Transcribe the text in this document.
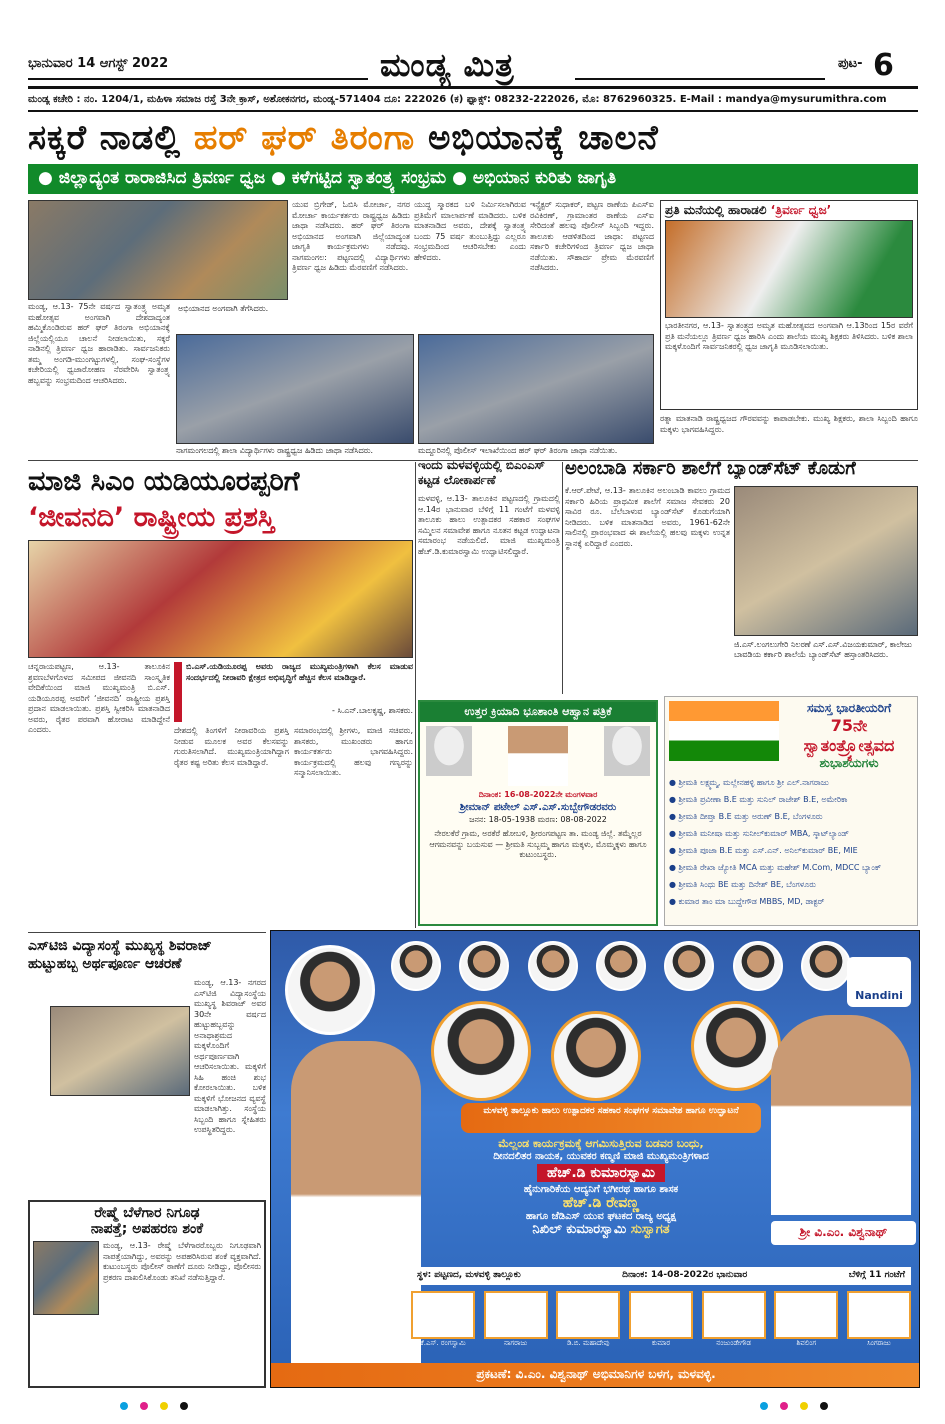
ಭಾನುವಾರ 14 ಆಗಸ್ಟ್ 2022	ಮಂಡ್ಯ ಮಿತ್ರ	ಪುಟ- 6
ಮಂಡ್ಯ ಕಚೇರಿ : ನಂ. 1204/1, ಮಹಿಳಾ ಸಮಾಜ ರಸ್ತೆ 3ನೇ ಕ್ರಾಸ್, ಅಶೋಕನಗರ, ಮಂಡ್ಯ-571404 ದೂ: 222026 (ಕ) ಫ್ಯಾಕ್ಸ್: 08232-222026, ಮೊ: 8762960325. E-Mail : mandya@mysurumithra.com
ಸಕ್ಕರೆ ನಾಡಲ್ಲಿ ಹರ್ ಘರ್ ತಿರಂಗಾ ಅಭಿಯಾನಕ್ಕೆ ಚಾಲನೆ
● ಜಿಲ್ಲಾದ್ಯಂತ ರಾರಾಜಿಸಿದ ತ್ರಿವರ್ಣ ಧ್ವಜ ● ಕಳೆಗಟ್ಟಿದ ಸ್ವಾತಂತ್ರ್ಯ ಸಂಭ್ರಮ ● ಅಭಿಯಾನ ಕುರಿತು ಜಾಗೃತಿ
ಮಂಡ್ಯ, ಆ.13- 75ನೇ ವರ್ಷದ ಸ್ವಾತಂತ್ರ್ಯ ಅಮೃತ ಮಹೋತ್ಸವ ಅಂಗವಾಗಿ ದೇಶದಾದ್ಯಂತ ಹಮ್ಮಿಕೊಂಡಿರುವ ಹರ್ ಘರ್ ತಿರಂಗಾ ಅಭಿಯಾನಕ್ಕೆ ಜಿಲ್ಲೆಯಲ್ಲಿಯೂ ಚಾಲನೆ ನೀಡಲಾಯಿತು, ಸಕ್ಕರೆ ನಾಡಿನಲ್ಲಿ ತ್ರಿವರ್ಣ ಧ್ವಜ ಹಾರಾಡಿತು. ಸಾರ್ವಜನಿಕರು ತಮ್ಮ ಅಂಗಡಿ-ಮುಂಗಟ್ಟುಗಳಲ್ಲಿ, ಸಂಘ-ಸಂಸ್ಥೆಗಳ ಕಚೇರಿಯಲ್ಲಿ ಧ್ವಜಾರೋಹಣ ನೆರವೇರಿಸಿ ಸ್ವಾತಂತ್ರ್ಯ ಹಬ್ಬವನ್ನು ಸಂಭ್ರಮದಿಂದ ಆಚರಿಸಿದರು.
ಅಭಿಯಾನದ ಅಂಗವಾಗಿ ತೆಗೆಸಿದರು.
ಯುವ ಬ್ರಿಗೇಡ್, ಓಬಿಸಿ ಮೋರ್ಚಾ, ನಗರ ಮೋರ್ಚಾ ಕಾರ್ಯಕರ್ತರು ರಾಷ್ಟ್ರಧ್ವಜ ಹಿಡಿದು ಜಾಥಾ ನಡೆಸಿದರು. ಹರ್ ಘರ್ ತಿರಂಗಾ ಅಭಿಯಾನದ ಅಂಗವಾಗಿ ಜಿಲ್ಲೆಯಾದ್ಯಂತ ಜಾಗೃತಿ ಕಾರ್ಯಕ್ರಮಗಳು ನಡೆದವು. ನಾಗಮಂಗಲ: ಪಟ್ಟಣದಲ್ಲಿ ವಿದ್ಯಾರ್ಥಿಗಳು ತ್ರಿವರ್ಣ ಧ್ವಜ ಹಿಡಿದು ಮೆರವಣಿಗೆ ನಡೆಸಿದರು.
ಯುದ್ಧ ಸ್ಮಾರಕದ ಬಳಿ ನಿರ್ಮಿಸಲಾಗಿರುವ ಪ್ರತಿಮೆಗೆ ಮಾಲಾರ್ಪಣೆ ಮಾಡಿದರು. ಬಳಿಕ ಮಾತನಾಡಿದ ಅವರು, ದೇಶಕ್ಕೆ ಸ್ವಾತಂತ್ರ್ಯ ಬಂದು 75 ವರ್ಷ ತುಂಬುತ್ತಿದ್ದು ಎಲ್ಲರೂ ಸಂಭ್ರಮದಿಂದ ಆಚರಿಸಬೇಕು ಎಂದು ಹೇಳಿದರು.
ಇನ್ಸ್ಪೆಕ್ಟರ್ ಸುಧಾಕರ್, ಪಟ್ಟಣ ಠಾಣೆಯ ಪಿಎಸ್‌ಐ ರವಿಕಿರಣ್, ಗ್ರಾಮಾಂತರ ಠಾಣೆಯ ಎಸ್‌ಐ ಸೇರಿದಂತೆ ಹಲವು ಪೊಲೀಸ್ ಸಿಬ್ಬಂದಿ ಇದ್ದರು. ತಾಲೂಕು ಆಡಳಿತದಿಂದ ಜಾಥಾ: ಪಟ್ಟಣದ ಸರ್ಕಾರಿ ಕಚೇರಿಗಳಿಂದ ತ್ರಿವರ್ಣ ಧ್ವಜ ಜಾಥಾ ನಡೆಯಿತು. ಸೌಹಾರ್ದ ಪ್ರೇಮ ಮೆರವಣಿಗೆ ನಡೆಸಿದರು.
ನಾಗಮಂಗಲದಲ್ಲಿ ಶಾಲಾ ವಿದ್ಯಾರ್ಥಿಗಳು ರಾಷ್ಟ್ರಧ್ವಜ ಹಿಡಿದು ಜಾಥಾ ನಡೆಸಿದರು.	ಮದ್ದೂರಿನಲ್ಲಿ ಪೊಲೀಸ್ ಇಲಾಖೆಯಿಂದ ಹರ್ ಘರ್ ತಿರಂಗಾ ಜಾಥಾ ನಡೆಯಿತು.
ಪ್ರತಿ ಮನೆಯಲ್ಲಿ ಹಾರಾಡಲಿ ‘ತ್ರಿವರ್ಣ ಧ್ವಜ’
ಭಾರತೀನಗರ, ಆ.13- ಸ್ವಾತಂತ್ರ್ಯದ ಅಮೃತ ಮಹೋತ್ಸವದ ಅಂಗವಾಗಿ ಆ.13ರಿಂದ 15ರ ವರೆಗೆ ಪ್ರತಿ ಮನೆಯಲ್ಲೂ ತ್ರಿವರ್ಣ ಧ್ವಜ ಹಾರಿಸಿ ಎಂದು ಶಾಲೆಯ ಮುಖ್ಯ ಶಿಕ್ಷಕರು ತಿಳಿಸಿದರು. ಬಳಿಕ ಶಾಲಾ ಮಕ್ಕಳೊಂದಿಗೆ ಸಾರ್ವಜನಿಕರಲ್ಲಿ ಧ್ವಜ ಜಾಗೃತಿ ಮೂಡಿಸಲಾಯಿತು.
ರತ್ನಾ ಮಾತನಾಡಿ ರಾಷ್ಟ್ರಧ್ವಜದ ಗೌರವವನ್ನು ಕಾಪಾಡಬೇಕು. ಮುಖ್ಯ ಶಿಕ್ಷಕರು, ಶಾಲಾ ಸಿಬ್ಬಂದಿ ಹಾಗೂ ಮಕ್ಕಳು ಭಾಗವಹಿಸಿದ್ದರು.
ಮಾಜಿ ಸಿಎಂ ಯಡಿಯೂರಪ್ಪರಿಗೆ
‘ಜೀವನದಿ’ ರಾಷ್ಟ್ರೀಯ ಪ್ರಶಸ್ತಿ
ಚನ್ನರಾಯಪಟ್ಟಣ, ಆ.13- ತಾಲೂಕಿನ ಶ್ರವಣಬೆಳಗೊಳದ ಸಮೀಪದ ಜೀವನದಿ ಸಾಂಸ್ಕೃತಿಕ ವೇದಿಕೆಯಿಂದ ಮಾಜಿ ಮುಖ್ಯಮಂತ್ರಿ ಬಿ.ಎಸ್. ಯಡಿಯೂರಪ್ಪ ಅವರಿಗೆ ‘ಜೀವನದಿ’ ರಾಷ್ಟ್ರೀಯ ಪ್ರಶಸ್ತಿ ಪ್ರದಾನ ಮಾಡಲಾಯಿತು. ಪ್ರಶಸ್ತಿ ಸ್ವೀಕರಿಸಿ ಮಾತನಾಡಿದ ಅವರು, ರೈತರ ಪರವಾಗಿ ಹೋರಾಟ ಮಾಡಿದ್ದೇನೆ ಎಂದರು.
ಬಿ.ಎಸ್.ಯಡಿಯೂರಪ್ಪ ಅವರು ರಾಜ್ಯದ ಮುಖ್ಯಮಂತ್ರಿಗಳಾಗಿ ಕೆಲಸ ಮಾಡುವ ಸಂದರ್ಭದಲ್ಲಿ ನೀರಾವರಿ ಕ್ಷೇತ್ರದ ಅಭಿವೃದ್ಧಿಗೆ ಹೆಚ್ಚಿನ ಕೆಲಸ ಮಾಡಿದ್ದಾರೆ.
- ಸಿ.ಎನ್.ಬಾಲಕೃಷ್ಣ, ಶಾಸಕರು.
ದೇಶದಲ್ಲಿ ತಿಂಗಳಿಗೆ ನೀರಾವರಿಯ ಪ್ರಶಸ್ತಿ ನೀಡುವ ಮೂಲಕ ಅವರ ಕೆಲಸವನ್ನು ಗುರುತಿಸಲಾಗಿದೆ. ಮುಖ್ಯಮಂತ್ರಿಯಾಗಿದ್ದಾಗ ರೈತರ ಕಷ್ಟ ಅರಿತು ಕೆಲಸ ಮಾಡಿದ್ದಾರೆ.
ಸಮಾರಂಭದಲ್ಲಿ ಶ್ರೀಗಳು, ಮಾಜಿ ಸಚಿವರು, ಶಾಸಕರು, ಮುಖಂಡರು ಹಾಗೂ ಕಾರ್ಯಕರ್ತರು ಭಾಗವಹಿಸಿದ್ದರು. ಕಾರ್ಯಕ್ರಮದಲ್ಲಿ ಹಲವು ಗಣ್ಯರನ್ನು ಸನ್ಮಾನಿಸಲಾಯಿತು.
ಇಂದು ಮಳವಳ್ಳಿಯಲ್ಲಿ ಬಿಎಂಎಸ್ ಕಟ್ಟಡ ಲೋಕಾರ್ಪಣೆ
ಮಳವಳ್ಳಿ, ಆ.13- ತಾಲೂಕಿನ ಪಟ್ಟಣದಲ್ಲಿ ಗ್ರಾಮದಲ್ಲಿ ಆ.14ರ ಭಾನುವಾರ ಬೆಳಿಗ್ಗೆ 11 ಗಂಟೆಗೆ ಮಳವಳ್ಳಿ ತಾಲೂಕು ಹಾಲು ಉತ್ಪಾದಕರ ಸಹಕಾರ ಸಂಘಗಳ ಸಮ್ಮಿಲನ ಸಮಾವೇಶ ಹಾಗೂ ನೂತನ ಕಟ್ಟಡ ಉದ್ಘಾಟನಾ ಸಮಾರಂಭ ನಡೆಯಲಿದೆ. ಮಾಜಿ ಮುಖ್ಯಮಂತ್ರಿ ಹೆಚ್.ಡಿ.ಕುಮಾರಸ್ವಾಮಿ ಉದ್ಘಾಟಿಸಲಿದ್ದಾರೆ.
ಅಲಂಬಾಡಿ ಸರ್ಕಾರಿ ಶಾಲೆಗೆ ಬ್ಯಾಂಡ್‌ಸೆಟ್ ಕೊಡುಗೆ
ಕೆ.ಆರ್.ಪೇಟೆ, ಆ.13- ತಾಲೂಕಿನ ಅಲಂಬಾಡಿ ಕಾವಲು ಗ್ರಾಮದ ಸರ್ಕಾರಿ ಹಿರಿಯ ಪ್ರಾಥಮಿಕ ಶಾಲೆಗೆ ಸಮಾಜ ಸೇವಕರು 20 ಸಾವಿರ ರೂ. ಬೆಲೆಬಾಳುವ ಬ್ಯಾಂಡ್‌ಸೆಟ್ ಕೊಡುಗೆಯಾಗಿ ನೀಡಿದರು. ಬಳಿಕ ಮಾತನಾಡಿದ ಅವರು, 1961-62ನೇ ಸಾಲಿನಲ್ಲಿ ಪ್ರಾರಂಭವಾದ ಈ ಶಾಲೆಯಲ್ಲಿ ಹಲವು ಮಕ್ಕಳು ಉನ್ನತ ಸ್ಥಾನಕ್ಕೆ ಏರಿದ್ದಾರೆ ಎಂದರು.
ಜಿ.ಎಸ್.ಲಂಗಲುಗೇರಿ ನಿಲರಣೆ ಎಸ್.ಎಸ್.ವಿಜಯಕುಮಾರ್, ಕಾಲೇಜು ಬಾವಡಿಯ ಕರ್ಕಾರಿ ಶಾಲೆಯೆ ಬ್ಯಾಂಡ್‌ಸೆಟ್ ಹಸ್ತಾಂತರಿಸಿದರು.
ಉತ್ತರ ಕ್ರಿಯಾದಿ ಭೂಶಾಂತಿ ಆಹ್ವಾನ ಪತ್ರಿಕೆ
ದಿನಾಂಕ: 16-08-2022ನೇ ಮಂಗಳವಾರ
ಶ್ರೀಮಾನ್ ಪಟೇಲ್ ಎಸ್.ಎಸ್.ಸುಬ್ಬೇಗೌಡರವರು
ಜನನ: 18-05-1938 ಮರಣ: 08-08-2022
ನೇರಲಕೆರೆ ಗ್ರಾಮ, ಅರಕೆರೆ ಹೋಬಳಿ, ಶ್ರೀರಂಗಪಟ್ಟಣ ತಾ. ಮಂಡ್ಯ ಜಿಲ್ಲೆ. ತಮ್ಮೆಲ್ಲರ ಆಗಮನವನ್ನು ಬಯಸುವ — ಶ್ರೀಮತಿ ಸುಬ್ಬಮ್ಮ ಹಾಗೂ ಮಕ್ಕಳು, ಮೊಮ್ಮಕ್ಕಳು ಹಾಗೂ ಕುಟುಂಬಸ್ಥರು.
ಸಮಸ್ತ ಭಾರತೀಯರಿಗೆ
75ನೇ ಸ್ವಾತಂತ್ರ್ಯೋತ್ಸವದ
ಶುಭಾಶಯಗಳು
● ಶ್ರೀಮತಿ ಲಕ್ಷ್ಮಮ್ಮ, ಮಲ್ಲೇನಹಳ್ಳಿ ಹಾಗೂ ಶ್ರೀ ಎಲ್.ನಾಗರಾಜು
● ಶ್ರೀಮತಿ ಪ್ರವೀಣಾ B.E ಮತ್ತು ಸುನಿಲ್ ರಾಜೇಶ್ B.E, ಅಮೇರಿಕಾ
● ಶ್ರೀಮತಿ ದೀಪ್ತಾ B.E ಮತ್ತು ಅರುಣ್ B.E, ಬೆಂಗಳೂರು
● ಶ್ರೀಮತಿ ಮನೀಷಾ ಮತ್ತು ಸುನೀಲ್‌ಕುಮಾರ್ MBA, ಸ್ಕಾಟ್‌ಲ್ಯಾಂಡ್
● ಶ್ರೀಮತಿ ಪೂಜಾ B.E ಮತ್ತು ಎಸ್.ಎನ್. ಅನಿಲ್‌ಕುಮಾರ್ BE, MIE
● ಶ್ರೀಮತಿ ರೇಖಾ ಜ್ಯೋತಿ MCA ಮತ್ತು ಮಹೇಶ್ M.Com, MDCC ಬ್ಯಾಂಕ್
● ಶ್ರೀಮತಿ ಸಿಂಧು BE ಮತ್ತು ದಿನೇಶ್ BE, ಬೆಂಗಳೂರು
● ಕುಮಾರ ತಾಂ ಮಾ ಬುದ್ದೇಗೌಡ MBBS, MD, ಡಾಕ್ಟರ್
ಎಸ್‌ಟಿಜಿ ವಿದ್ಯಾಸಂಸ್ಥೆ ಮುಖ್ಯಸ್ಥ ಶಿವರಾಜ್
ಹುಟ್ಟುಹಬ್ಬ ಅರ್ಥಪೂರ್ಣ ಆಚರಣೆ
ಮಂಡ್ಯ, ಆ.13- ನಗರದ ಎಸ್‌ಟಿಜಿ ವಿದ್ಯಾಸಂಸ್ಥೆಯ ಮುಖ್ಯಸ್ಥ ಶಿವರಾಜ್ ಅವರ 30ನೇ ವರ್ಷದ ಹುಟ್ಟುಹಬ್ಬವನ್ನು ಅನಾಥಾಶ್ರಮದ ಮಕ್ಕಳೊಂದಿಗೆ ಅರ್ಥಪೂರ್ಣವಾಗಿ ಆಚರಿಸಲಾಯಿತು. ಮಕ್ಕಳಿಗೆ ಸಿಹಿ ಹಂಚಿ ಶುಭ ಕೋರಲಾಯಿತು. ಬಳಿಕ ಮಕ್ಕಳಿಗೆ ಭೋಜನದ ವ್ಯವಸ್ಥೆ ಮಾಡಲಾಗಿತ್ತು. ಸಂಸ್ಥೆಯ ಸಿಬ್ಬಂದಿ ಹಾಗೂ ಸ್ನೇಹಿತರು ಉಪಸ್ಥಿತರಿದ್ದರು.
ರೇಷ್ಮೆ ಬೆಳೆಗಾರ ನಿಗೂಢ
ನಾಪತ್ತೆ; ಅಪಹರಣ ಶಂಕೆ
ಮಂಡ್ಯ, ಆ.13- ರೇಷ್ಮೆ ಬೆಳೆಗಾರರೊಬ್ಬರು ನಿಗೂಢವಾಗಿ ನಾಪತ್ತೆಯಾಗಿದ್ದು, ಅವರನ್ನು ಅಪಹರಿಸಿರುವ ಶಂಕೆ ವ್ಯಕ್ತವಾಗಿದೆ. ಕುಟುಂಬಸ್ಥರು ಪೊಲೀಸ್ ಠಾಣೆಗೆ ದೂರು ನೀಡಿದ್ದು, ಪೊಲೀಸರು ಪ್ರಕರಣ ದಾಖಲಿಸಿಕೊಂಡು ತನಿಖೆ ನಡೆಸುತ್ತಿದ್ದಾರೆ.
Nandini
ಮಳವಳ್ಳಿ ತಾಲ್ಲೂಕು ಹಾಲು ಉತ್ಪಾದಕರ ಸಹಕಾರ ಸಂಘಗಳ ಸಮಾವೇಶ ಹಾಗೂ ಉದ್ಘಾಟನೆ
ಮೆಲ್ಲಂಡ ಕಾರ್ಯಕ್ರಮಕ್ಕೆ ಆಗಮಿಸುತ್ತಿರುವ ಬಡವರ ಬಂಧು,
ದೀನದಲಿತರ ನಾಯಕ, ಯುವಕರ ಕಣ್ಮಣಿ ಮಾಜಿ ಮುಖ್ಯಮಂತ್ರಿಗಳಾದ
ಹೆಚ್.ಡಿ ಕುಮಾರಸ್ವಾಮಿ
ಹೈನುಗಾರಿಕೆಯ ಆದ್ಯನಿಗೆ ಭಗೀರಥ ಹಾಗೂ ಶಾಸಕ
ಹೆಚ್.ಡಿ ರೇವಣ್ಣ
ಹಾಗೂ ಜೆಡಿಎಸ್ ಯುವ ಘಟಕದ ರಾಜ್ಯ ಅಧ್ಯಕ್ಷ
ನಿಖಿಲ್ ಕುಮಾರಸ್ವಾಮಿ ಸುಸ್ವಾಗತ	ಶ್ರೀ ವಿ.ಎಂ. ವಿಶ್ವನಾಥ್
ಸ್ಥಳ: ಪಟ್ಟಣದ, ಮಳವಳ್ಳಿ ತಾಲ್ಲೂಕು	ದಿನಾಂಕ: 14-08-2022ರ ಭಾನುವಾರ	ಬೆಳಿಗ್ಗೆ 11 ಗಂಟೆಗೆ
ಕೆ.ಎಸ್. ರಂಗಸ್ವಾಮಿ	ನಾಗರಾಜು	ಡಿ.ಬಿ. ಮಹಾದೇವು	ಕುಮಾರ	ನಂಜುಂಡೇಗೌಡ	ಶಿವಲಿಂಗ	ಸಿಂಗರಾಜು
ಪ್ರಕಟಣೆ: ವಿ.ಎಂ. ವಿಶ್ವನಾಥ್ ಅಭಿಮಾನಿಗಳ ಬಳಗ, ಮಳವಳ್ಳಿ.
